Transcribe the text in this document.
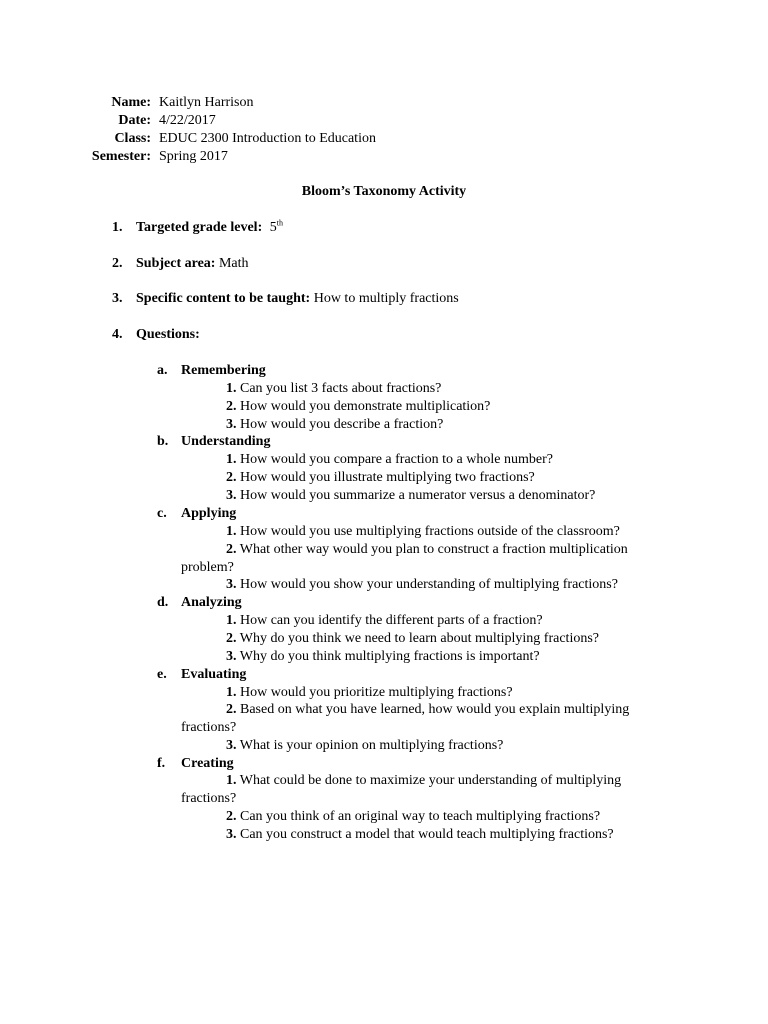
Name: Kaitlyn Harrison
Date: 4/22/2017
Class: EDUC 2300 Introduction to Education
Semester: Spring 2017
Bloom’s Taxonomy Activity
1. Targeted grade level: 5th
2. Subject area: Math
3. Specific content to be taught: How to multiply fractions
4. Questions:
a. Remembering
1. Can you list 3 facts about fractions?
2. How would you demonstrate multiplication?
3. How would you describe a fraction?
b. Understanding
1. How would you compare a fraction to a whole number?
2. How would you illustrate multiplying two fractions?
3. How would you summarize a numerator versus a denominator?
c. Applying
1. How would you use multiplying fractions outside of the classroom?
2. What other way would you plan to construct a fraction multiplication problem?
3. How would you show your understanding of multiplying fractions?
d. Analyzing
1. How can you identify the different parts of a fraction?
2. Why do you think we need to learn about multiplying fractions?
3. Why do you think multiplying fractions is important?
e. Evaluating
1. How would you prioritize multiplying fractions?
2. Based on what you have learned, how would you explain multiplying fractions?
3. What is your opinion on multiplying fractions?
f. Creating
1. What could be done to maximize your understanding of multiplying fractions?
2. Can you think of an original way to teach multiplying fractions?
3. Can you construct a model that would teach multiplying fractions?
